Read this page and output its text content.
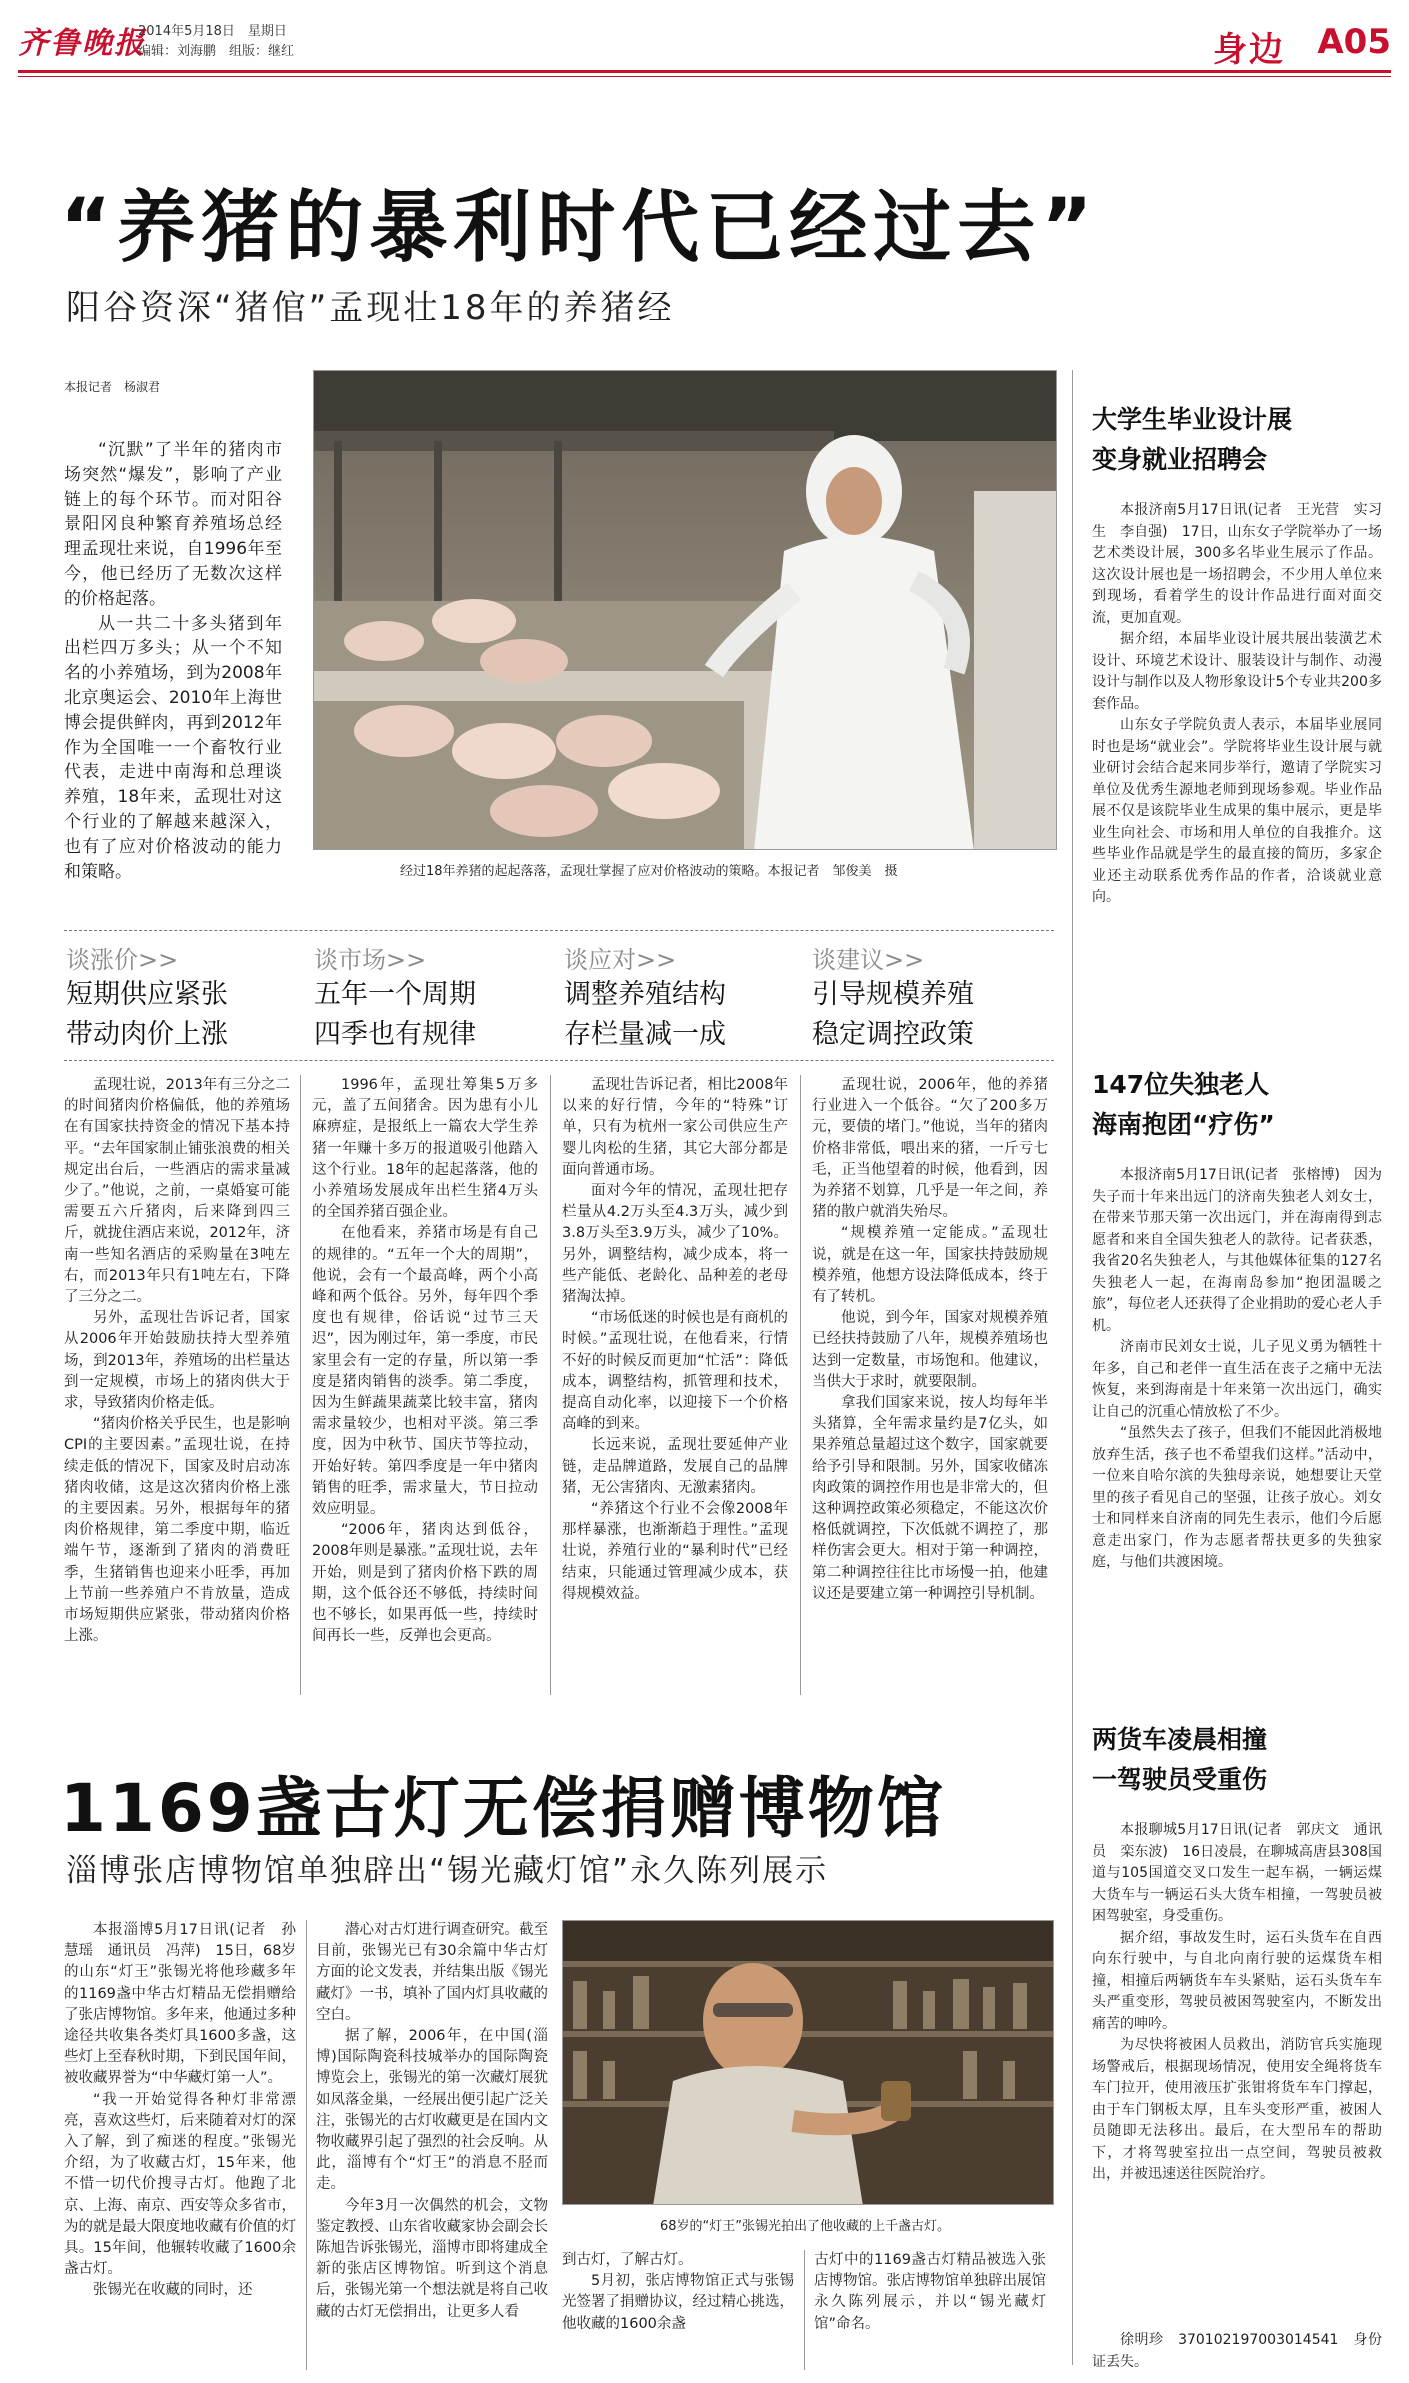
齐鲁晚报
2014年5月18日　星期日
编辑：刘海鹏　组版：继红	身边 A05
“养猪的暴利时代已经过去”
阳谷资深“猪倌”孟现壮18年的养猪经
本报记者　杨淑君

“沉默”了半年的猪肉市场突然“爆发”，影响了产业链上的每个环节。而对阳谷景阳冈良种繁育养殖场总经理孟现壮来说，自1996年至今，他已经历了无数次这样的价格起落。

从一共二十多头猪到年出栏四万多头；从一个不知名的小养殖场，到为2008年北京奥运会、2010年上海世博会提供鲜肉，再到2012年作为全国唯一一个畜牧行业代表，走进中南海和总理谈养殖，18年来，孟现壮对这个行业的了解越来越深入，也有了应对价格波动的能力和策略。	经过18年养猪的起起落落，孟现壮掌握了应对价格波动的策略。本报记者　邹俊美　摄
谈涨价>>
短期供应紧张
带动肉价上涨
谈市场>>
五年一个周期
四季也有规律
谈应对>>
调整养殖结构
存栏量减一成
谈建议>>
引导规模养殖
稳定调控政策

孟现壮说，2013年有三分之二的时间猪肉价格偏低，他的养殖场在有国家扶持资金的情况下基本持平。“去年国家制止铺张浪费的相关规定出台后，一些酒店的需求量减少了。”他说，之前，一桌婚宴可能需要五六斤猪肉，后来降到四三斤，就拢住酒店来说，2012年，济南一些知名酒店的采购量在3吨左右，而2013年只有1吨左右，下降了三分之二。

另外，孟现壮告诉记者，国家从2006年开始鼓励扶持大型养殖场，到2013年，养殖场的出栏量达到一定规模，市场上的猪肉供大于求，导致猪肉价格走低。

“猪肉价格关乎民生，也是影响CPI的主要因素。”孟现壮说，在持续走低的情况下，国家及时启动冻猪肉收储，这是这次猪肉价格上涨的主要因素。另外，根据每年的猪肉价格规律，第二季度中期，临近端午节，逐渐到了猪肉的消费旺季，生猪销售也迎来小旺季，再加上节前一些养殖户不肯放量，造成市场短期供应紧张，带动猪肉价格上涨。

1996年，孟现壮筹集5万多元，盖了五间猪舍。因为患有小儿麻痹症，是报纸上一篇农大学生养猪一年赚十多万的报道吸引他踏入这个行业。18年的起起落落，他的小养殖场发展成年出栏生猪4万头的全国养猪百强企业。

在他看来，养猪市场是有自己的规律的。“五年一个大的周期”，他说，会有一个最高峰，两个小高峰和两个低谷。另外，每年四个季度也有规律，俗话说“过节三天迟”，因为刚过年，第一季度，市民家里会有一定的存量，所以第一季度是猪肉销售的淡季。第二季度，因为生鲜蔬果蔬菜比较丰富，猪肉需求量较少，也相对平淡。第三季度，因为中秋节、国庆节等拉动，开始好转。第四季度是一年中猪肉销售的旺季，需求量大，节日拉动效应明显。

“2006年，猪肉达到低谷，2008年则是暴涨。”孟现壮说，去年开始，则是到了猪肉价格下跌的周期，这个低谷还不够低，持续时间也不够长，如果再低一些，持续时间再长一些，反弹也会更高。

孟现壮告诉记者，相比2008年以来的好行情，今年的“特殊”订单，只有为杭州一家公司供应生产婴儿肉松的生猪，其它大部分都是面向普通市场。

面对今年的情况，孟现壮把存栏量从4.2万头至4.3万头，减少到3.8万头至3.9万头，减少了10%。另外，调整结构，减少成本，将一些产能低、老龄化、品种差的老母猪淘汰掉。

“市场低迷的时候也是有商机的时候。”孟现壮说，在他看来，行情不好的时候反而更加“忙活”：降低成本，调整结构，抓管理和技术，提高自动化率，以迎接下一个价格高峰的到来。

长远来说，孟现壮要延伸产业链，走品牌道路，发展自己的品牌猪，无公害猪肉、无激素猪肉。

“养猪这个行业不会像2008年那样暴涨，也渐渐趋于理性。”孟现壮说，养殖行业的“暴利时代”已经结束，只能通过管理减少成本，获得规模效益。

孟现壮说，2006年，他的养猪行业进入一个低谷。“欠了200多万元，要债的堵门。”他说，当年的猪肉价格非常低，喂出来的猪，一斤亏七毛，正当他望着的时候，他看到，因为养猪不划算，几乎是一年之间，养猪的散户就消失殆尽。

“规模养殖一定能成。”孟现壮说，就是在这一年，国家扶持鼓励规模养殖，他想方设法降低成本，终于有了转机。

他说，到今年，国家对规模养殖已经扶持鼓励了八年，规模养殖场也达到一定数量，市场饱和。他建议，当供大于求时，就要限制。

拿我们国家来说，按人均每年半头猪算，全年需求量约是7亿头，如果养殖总量超过这个数字，国家就要给予引导和限制。另外，国家收储冻肉政策的调控作用也是非常大的，但这种调控政策必须稳定，不能这次价格低就调控，下次低就不调控了，那样伤害会更大。相对于第一种调控，第二种调控往往比市场慢一拍，他建议还是要建立第一种调控引导机制。

1169盏古灯无偿捐赠博物馆
淄博张店博物馆单独辟出“锡光藏灯馆”永久陈列展示

本报淄博5月17日讯(记者　孙慧瑶　通讯员　冯萍)　15日，68岁的山东“灯王”张锡光将他珍藏多年的1169盏中华古灯精品无偿捐赠给了张店博物馆。多年来，他通过多种途径共收集各类灯具1600多盏，这些灯上至春秋时期，下到民国年间，被收藏界誉为“中华藏灯第一人”。

“我一开始觉得各种灯非常漂亮，喜欢这些灯，后来随着对灯的深入了解，到了痴迷的程度。”张锡光介绍，为了收藏古灯，15年来，他不惜一切代价搜寻古灯。他跑了北京、上海、南京、西安等众多省市，为的就是最大限度地收藏有价值的灯具。15年间，他辗转收藏了1600余盏古灯。

张锡光在收藏的同时，还

潜心对古灯进行调查研究。截至目前，张锡光已有30余篇中华古灯方面的论文发表，并结集出版《锡光藏灯》一书，填补了国内灯具收藏的空白。

据了解，2006年，在中国(淄博)国际陶瓷科技城举办的国际陶瓷博览会上，张锡光的第一次藏灯展犹如凤落金巢，一经展出便引起广泛关注，张锡光的古灯收藏更是在国内文物收藏界引起了强烈的社会反响。从此，淄博有个“灯王”的消息不胫而走。

今年3月一次偶然的机会，文物鉴定教授、山东省收藏家协会副会长陈旭告诉张锡光，淄博市即将建成全新的张店区博物馆。听到这个消息后，张锡光第一个想法就是将自己收藏的古灯无偿捐出，让更多人看

68岁的“灯王”张锡光拍出了他收藏的上千盏古灯。

到古灯，了解古灯。

5月初，张店博物馆正式与张锡光签署了捐赠协议，经过精心挑选，他收藏的1600余盏

古灯中的1169盏古灯精品被选入张店博物馆。张店博物馆单独辟出展馆永久陈列展示，并以“锡光藏灯馆”命名。

大学生毕业设计展
变身就业招聘会

本报济南5月17日讯(记者　王光营　实习生　李自强)　17日，山东女子学院举办了一场艺术类设计展，300多名毕业生展示了作品。这次设计展也是一场招聘会，不少用人单位来到现场，看着学生的设计作品进行面对面交流，更加直观。

据介绍，本届毕业设计展共展出装潢艺术设计、环境艺术设计、服装设计与制作、动漫设计与制作以及人物形象设计5个专业共200多套作品。

山东女子学院负责人表示，本届毕业展同时也是场“就业会”。学院将毕业生设计展与就业研讨会结合起来同步举行，邀请了学院实习单位及优秀生源地老师到现场参观。毕业作品展不仅是该院毕业生成果的集中展示，更是毕业生向社会、市场和用人单位的自我推介。这些毕业作品就是学生的最直接的简历，多家企业还主动联系优秀作品的作者，洽谈就业意向。

147位失独老人
海南抱团“疗伤”

本报济南5月17日讯(记者　张榕博)　因为失子而十年来出远门的济南失独老人刘女士，在带来节那天第一次出远门，并在海南得到志愿者和来自全国失独老人的款待。记者获悉，我省20名失独老人，与其他媒体征集的127名失独老人一起，在海南岛参加“抱团温暖之旅”，每位老人还获得了企业捐助的爱心老人手机。

济南市民刘女士说，儿子见义勇为牺牲十年多，自己和老伴一直生活在丧子之痛中无法恢复，来到海南是十年来第一次出远门，确实让自己的沉重心情放松了不少。

“虽然失去了孩子，但我们不能因此消极地放弃生活，孩子也不希望我们这样。”活动中，一位来自哈尔滨的失独母亲说，她想要让天堂里的孩子看见自己的坚强，让孩子放心。刘女士和同样来自济南的同先生表示，他们今后愿意走出家门，作为志愿者帮扶更多的失独家庭，与他们共渡困境。

两货车凌晨相撞
一驾驶员受重伤

本报聊城5月17日讯(记者　郭庆文　通讯员　栾东波)　16日凌晨，在聊城高唐县308国道与105国道交叉口发生一起车祸，一辆运煤大货车与一辆运石头大货车相撞，一驾驶员被困驾驶室，身受重伤。

据介绍，事故发生时，运石头货车在自西向东行驶中，与自北向南行驶的运煤货车相撞，相撞后两辆货车车头紧贴，运石头货车车头严重变形，驾驶员被困驾驶室内，不断发出痛苦的呻吟。

为尽快将被困人员救出，消防官兵实施现场警戒后，根据现场情况，使用安全绳将货车车门拉开，使用液压扩张钳将货车车门撑起，由于车门钢板太厚，且车头变形严重，被困人员随即无法移出。最后，在大型吊车的帮助下，才将驾驶室拉出一点空间，驾驶员被救出，并被迅速送往医院治疗。

徐明珍　370102197003014541　身份证丢失。
